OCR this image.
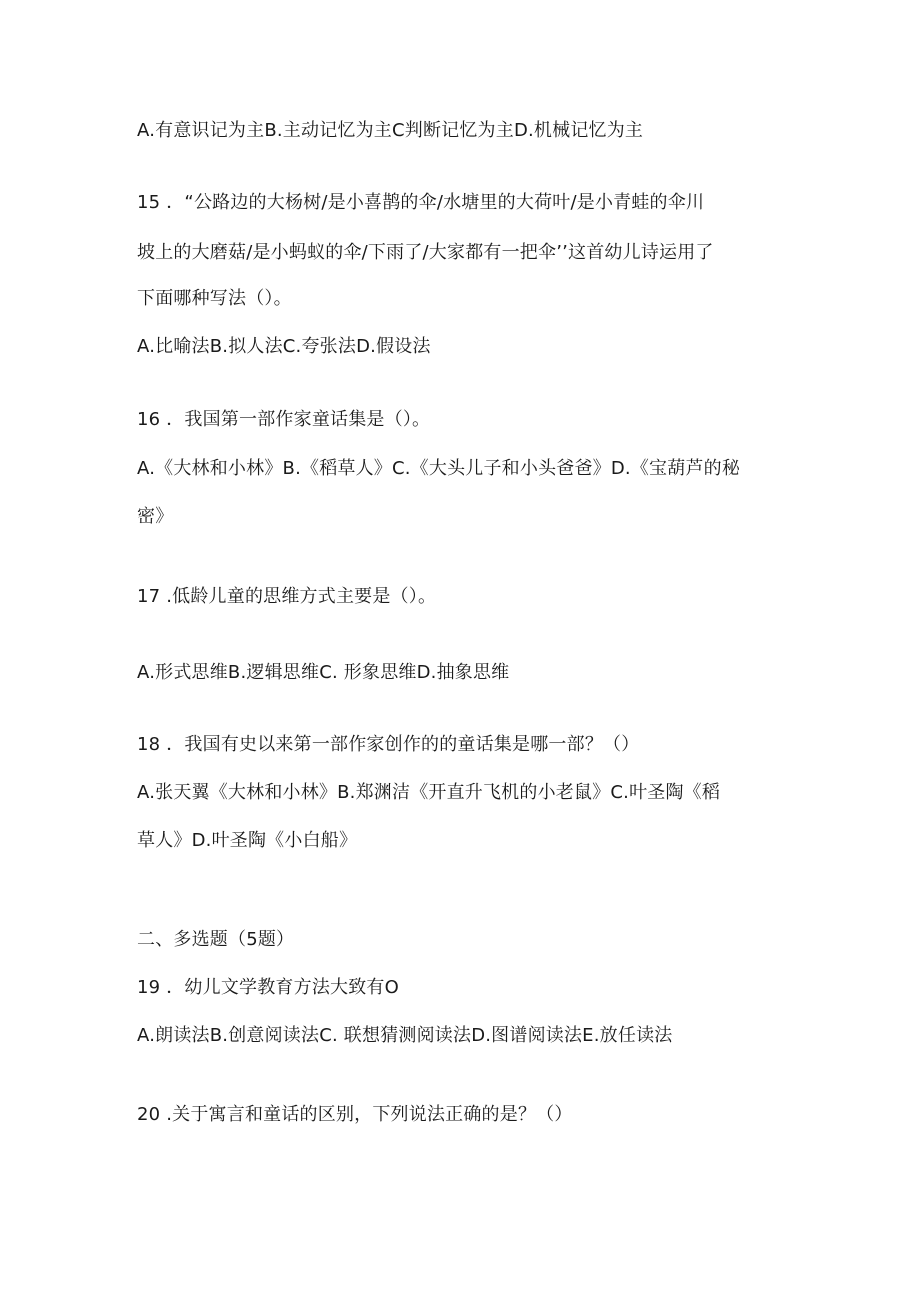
A.有意识记为主B.主动记忆为主C判断记忆为主D.机械记忆为主
15 ．“公路边的大杨树/是小喜鹊的伞/水塘里的大荷叶/是小青蛙的伞川
坡上的大磨菇/是小蚂蚁的伞/下雨了/大家都有一把伞’’这首幼儿诗运用了
下面哪种写法（）。
A.比喻法B.拟人法C.夸张法D.假设法
16 ．我国第一部作家童话集是（）。
A.《大林和小林》B.《稻草人》C.《大头儿子和小头爸爸》D.《宝葫芦的秘
密》
17 .低龄儿童的思维方式主要是（）。
A.形式思维B.逻辑思维C. 形象思维D.抽象思维
18 ．我国有史以来第一部作家创作的的童话集是哪一部？（）
A.张天翼《大林和小林》B.郑渊洁《开直升飞机的小老鼠》C.叶圣陶《稻
草人》D.叶圣陶《小白船》
二、多选题（5题）
19 ．幼儿文学教育方法大致有O
A.朗读法B.创意阅读法C. 联想猜测阅读法D.图谱阅读法E.放任读法
20 .关于寓言和童话的区别，下列说法正确的是？（）
